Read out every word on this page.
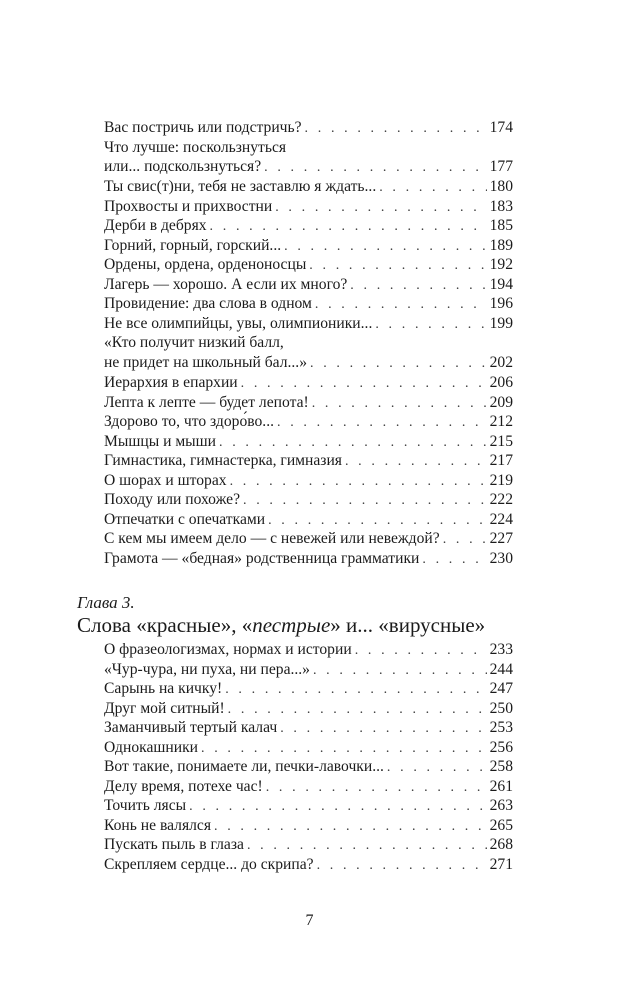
Вас постричь или подстричь? . . .	174
Что лучше: поскользнуться
или... подскользнуться? . . .	177
Ты свис(т)ни, тебя не заставлю я ждать... . . .	180
Прохвосты и прихвостни . . .	183
Дерби в дебрях . . .	185
Горний, горный, горский... . . .	189
Ордены, ордена, орденоносцы . . .	192
Лагерь — хорошо. А если их много? . . .	194
Провидение: два слова в одном . . .	196
Не все олимпийцы, увы, олимпионики... . . .	199
«Кто получит низкий балл,
не придет на школьный бал...» . . .	202
Иерархия в епархии . . .	206
Лепта к лепте — будет лепота! . . .	209
Здорово то, что здоро́во... . . .	212
Мышцы и мыши . . .	215
Гимнастика, гимнастерка, гимназия . . .	217
О шорах и шторах . . .	219
Походу или похоже? . . .	222
Отпечатки с опечатками . . .	224
С кем мы имеем дело — с невежей или невеждой? . . .	227
Грамота — «бедная» родственница грамматики . . .	230
О фразеологизмах, нормах и истории . . .	233
«Чур-чура, ни пуха, ни пера...» . . .	244
Сарынь на кичку! . . .	247
Друг мой ситный! . . .	250
Заманчивый тертый калач . . .	253
Однокашники . . .	256
Вот такие, понимаете ли, печки-лавочки... . . .	258
Делу время, потехе час! . . .	261
Точить лясы . . .	263
Конь не валялся . . .	265
Пускать пыль в глаза . . .	268
Скрепляем сердце... до скрипа? . . .	271
Глава 3.
Слова «красные», «пестрые» и... «вирусные»
7
